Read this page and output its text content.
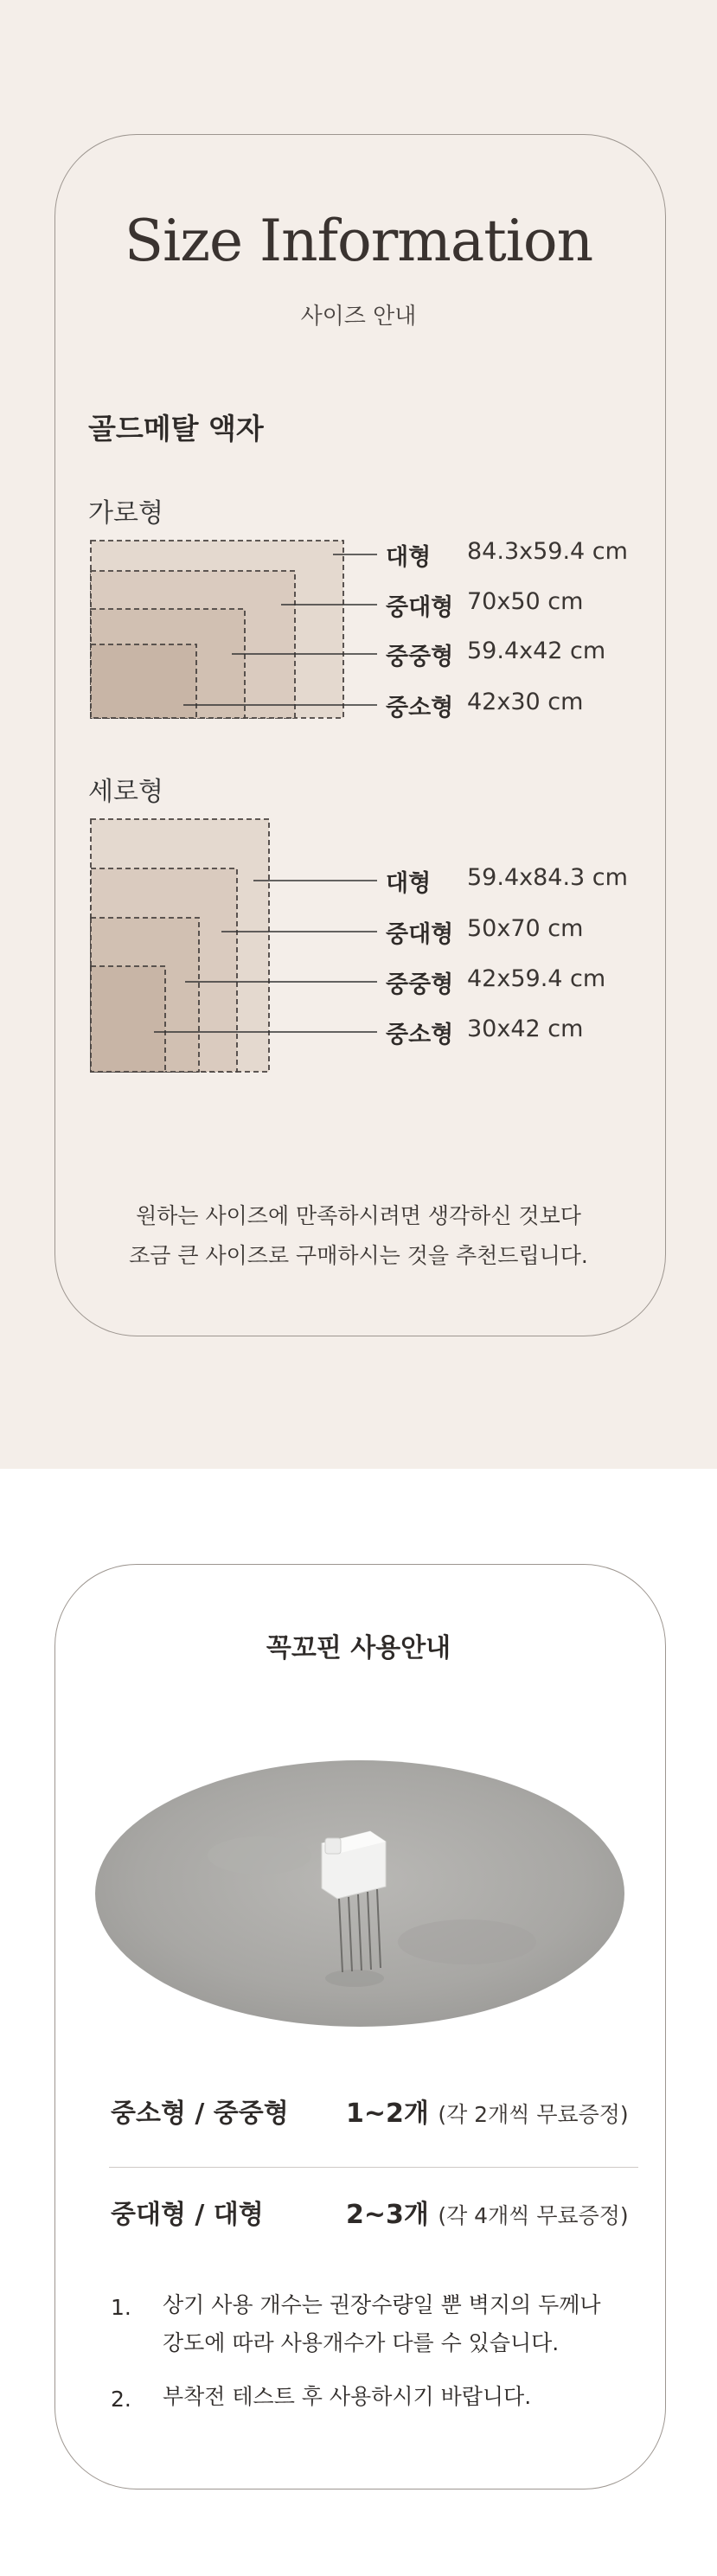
Size Information
사이즈 안내
골드메탈 액자
가로형
대형 84.3x59.4 cm
중대형 70x50 cm
중중형 59.4x42 cm
중소형 42x30 cm
세로형
대형 59.4x84.3 cm
중대형 50x70 cm
중중형 42x59.4 cm
중소형 30x42 cm
원하는 사이즈에 만족하시려면 생각하신 것보다
조금 큰 사이즈로 구매하시는 것을 추천드립니다.
꼭꼬핀 사용안내
중소형 / 중중형 1~2개 (각 2개씩 무료증정)
중대형 / 대형	2~3개 (각 4개씩 무료증정)
1. 상기 사용 개수는 권장수량일 뿐 벽지의 두께나
강도에 따라 사용개수가 다를 수 있습니다.
2. 부착전 테스트 후 사용하시기 바랍니다.
